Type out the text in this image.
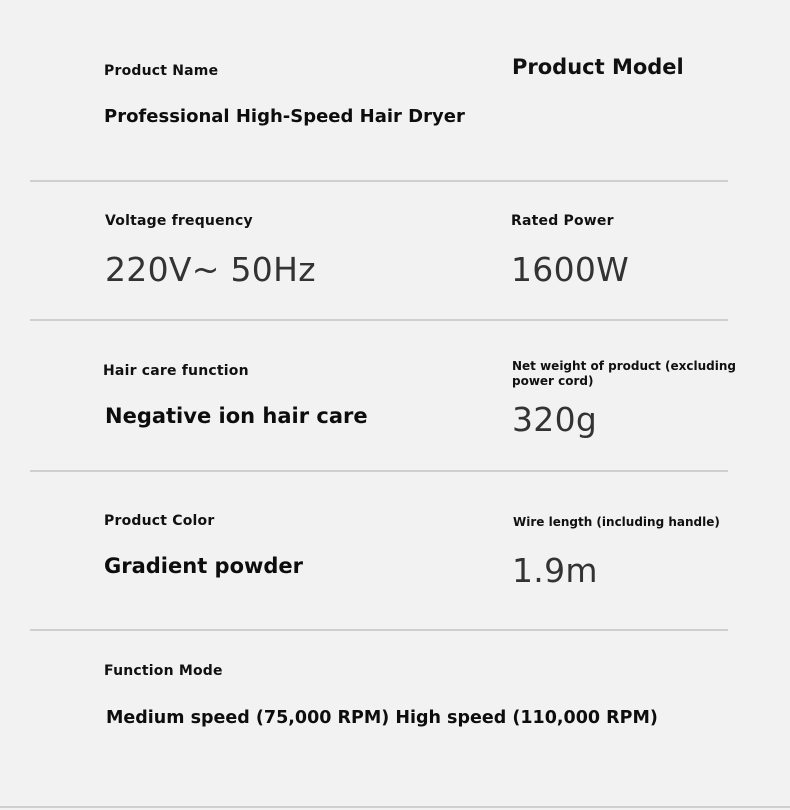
Product Name
Professional High-Speed Hair Dryer
Product Model
Voltage frequency
220V~ 50Hz
Rated Power
1600W
Hair care function
Negative ion hair care
Net weight of product (excluding power cord)
320g
Product Color
Gradient powder
Wire length (including handle)
1.9m
Function Mode
Medium speed (75,000 RPM) High speed (110,000 RPM)
